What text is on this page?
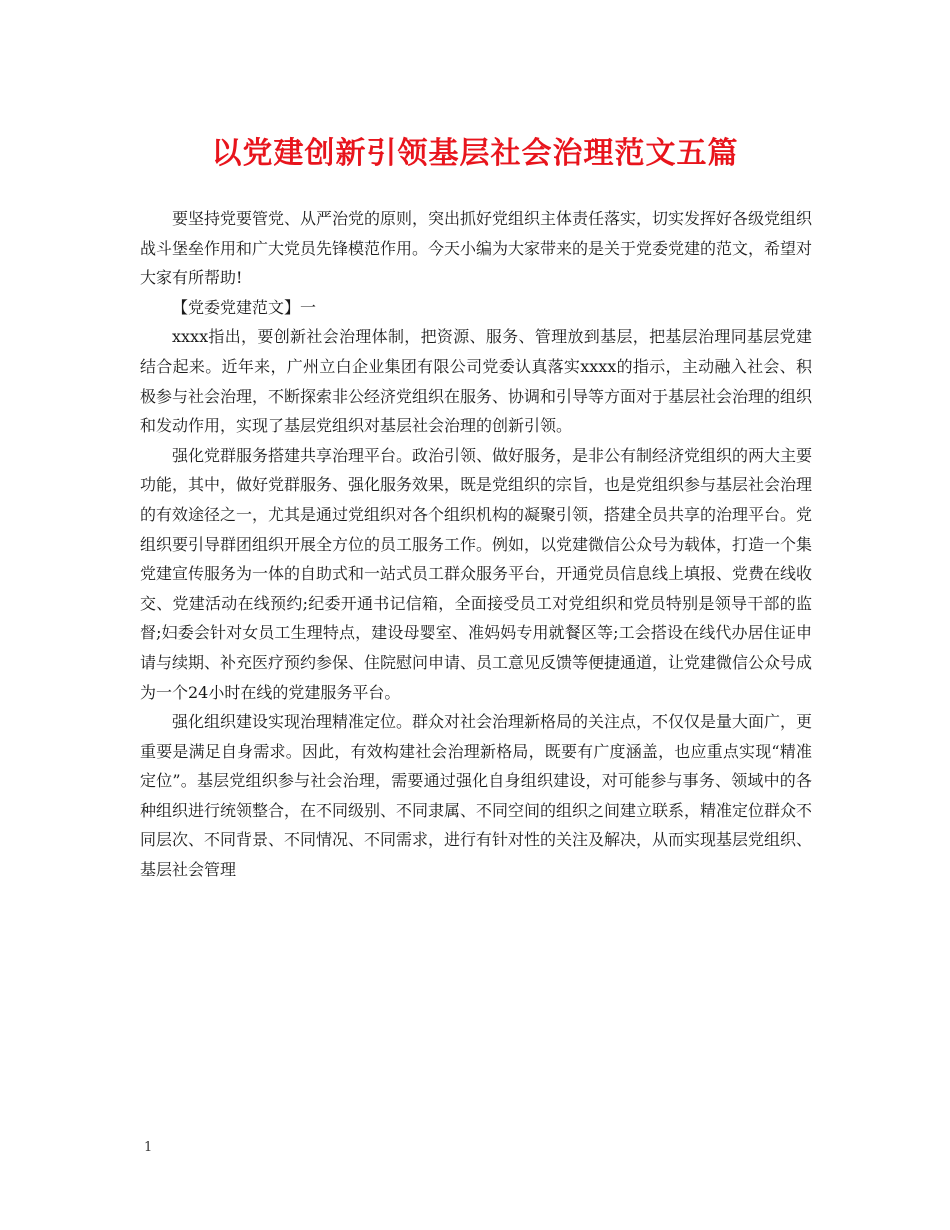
以党建创新引领基层社会治理范文五篇

要坚持党要管党、从严治党的原则，突出抓好党组织主体责任落实，切实发挥好各级党组织战斗堡垒作用和广大党员先锋模范作用。今天小编为大家带来的是关于党委党建的范文，希望对大家有所帮助!

【党委党建范文】一

xxxx指出，要创新社会治理体制，把资源、服务、管理放到基层，把基层治理同基层党建结合起来。近年来，广州立白企业集团有限公司党委认真落实xxxx的指示，主动融入社会、积极参与社会治理，不断探索非公经济党组织在服务、协调和引导等方面对于基层社会治理的组织和发动作用，实现了基层党组织对基层社会治理的创新引领。

强化党群服务搭建共享治理平台。政治引领、做好服务，是非公有制经济党组织的两大主要功能，其中，做好党群服务、强化服务效果，既是党组织的宗旨，也是党组织参与基层社会治理的有效途径之一，尤其是通过党组织对各个组织机构的凝聚引领，搭建全员共享的治理平台。党组织要引导群团组织开展全方位的员工服务工作。例如，以党建微信公众号为载体，打造一个集党建宣传服务为一体的自助式和一站式员工群众服务平台，开通党员信息线上填报、党费在线收交、党建活动在线预约;纪委开通书记信箱，全面接受员工对党组织和党员特别是领导干部的监督;妇委会针对女员工生理特点，建设母婴室、准妈妈专用就餐区等;工会搭设在线代办居住证申请与续期、补充医疗预约参保、住院慰问申请、员工意见反馈等便捷通道，让党建微信公众号成为一个24小时在线的党建服务平台。

强化组织建设实现治理精准定位。群众对社会治理新格局的关注点，不仅仅是量大面广，更重要是满足自身需求。因此，有效构建社会治理新格局，既要有广度涵盖，也应重点实现“精准定位”。基层党组织参与社会治理，需要通过强化自身组织建设，对可能参与事务、领域中的各种组织进行统领整合，在不同级别、不同隶属、不同空间的组织之间建立联系，精准定位群众不同层次、不同背景、不同情况、不同需求，进行有针对性的关注及解决，从而实现基层党组织、基层社会管理

1
